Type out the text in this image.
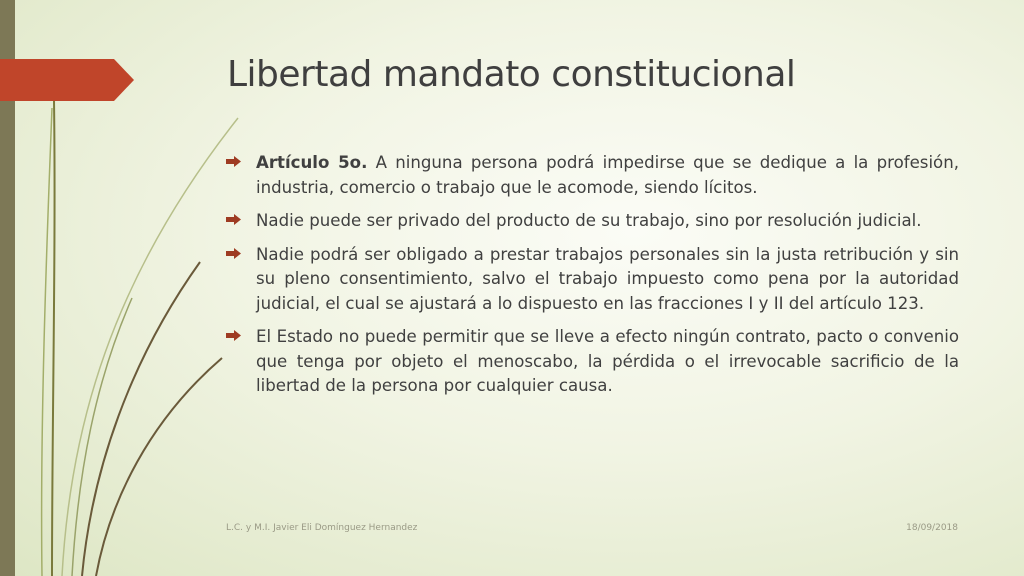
Libertad mandato constitucional
Artículo 5o. A ninguna persona podrá impedirse que se dedique a la profesión, industria, comercio o trabajo que le acomode, siendo lícitos.
Nadie puede ser privado del producto de su trabajo, sino por resolución judicial.
Nadie podrá ser obligado a prestar trabajos personales sin la justa retribución y sin su pleno consentimiento, salvo el trabajo impuesto como pena por la autoridad judicial, el cual se ajustará a lo dispuesto en las fracciones I y II del artículo 123.
El Estado no puede permitir que se lleve a efecto ningún contrato, pacto o convenio que tenga por objeto el menoscabo, la pérdida o el irrevocable sacrificio de la libertad de la persona por cualquier causa.
L.C. y M.I. Javier Eli Domínguez Hernandez	18/09/2018
